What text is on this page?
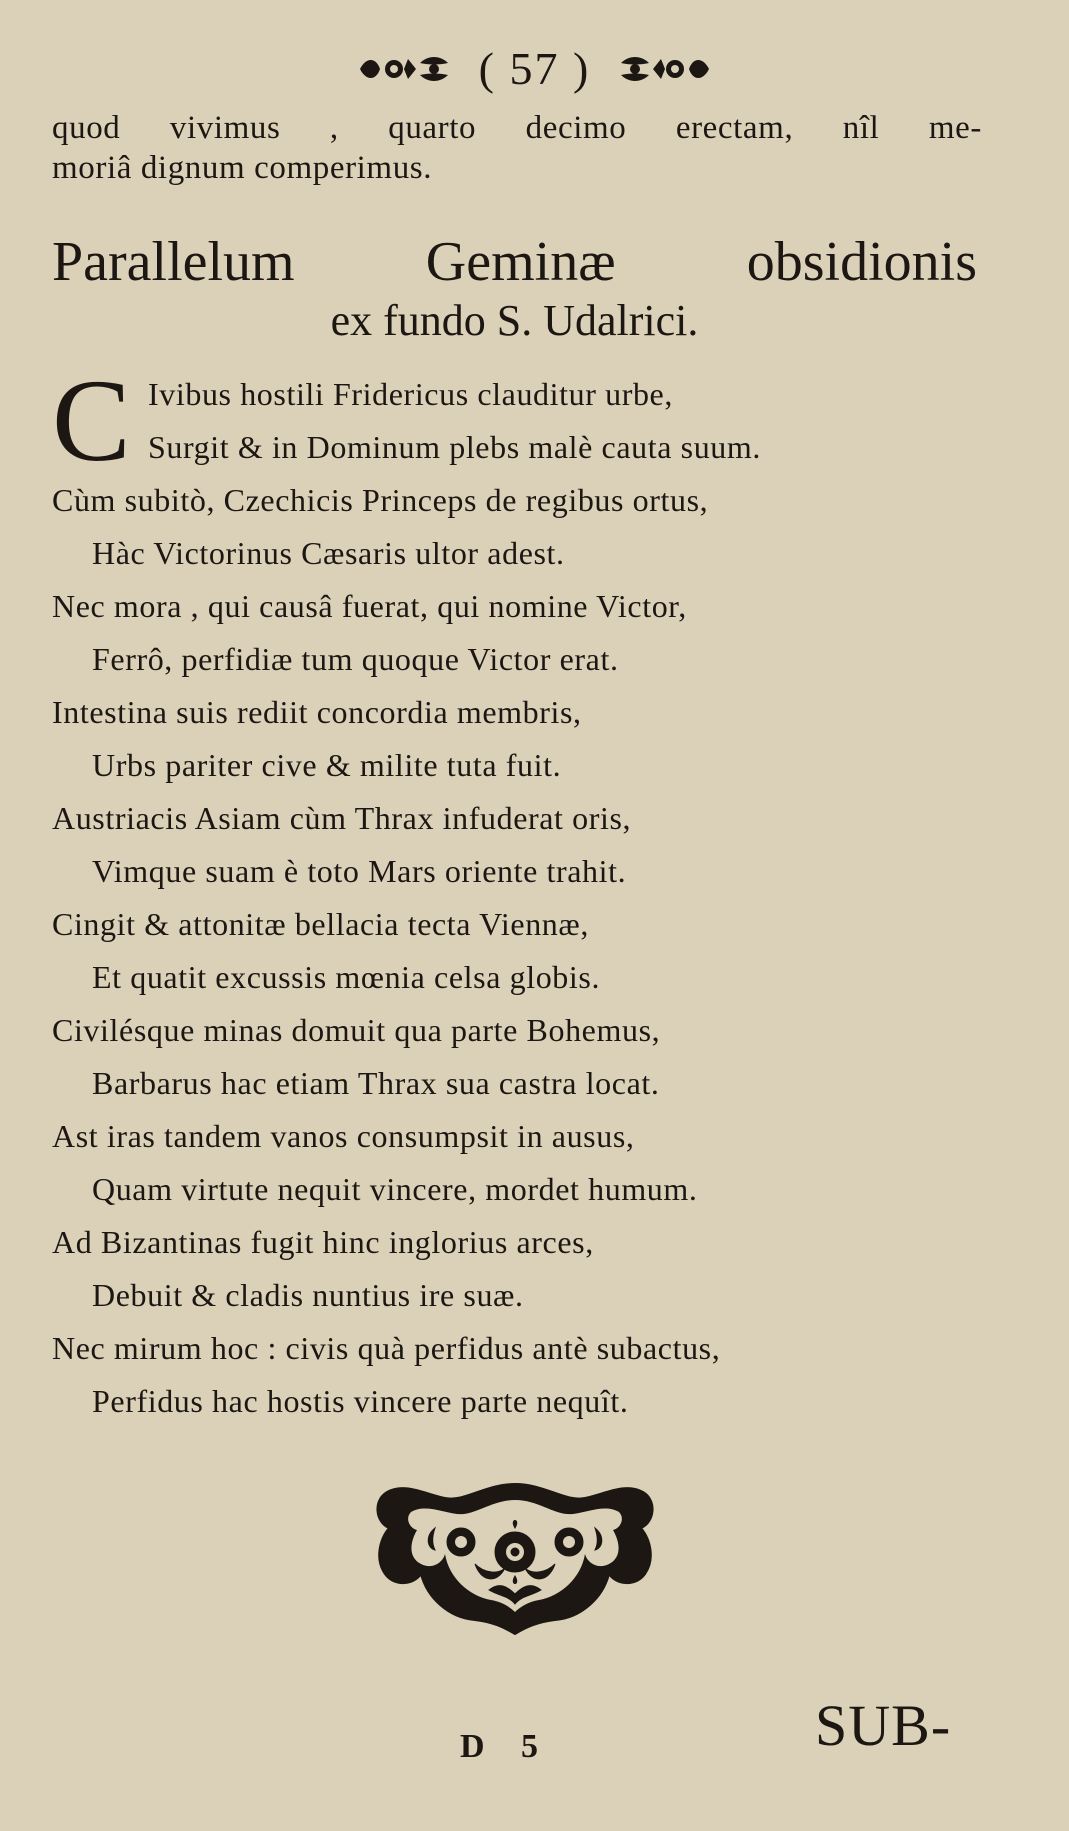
( 57 )
quod vivimus , quarto decimo erectam, nîl me-
moriâ dignum comperimus.
Parallelum Geminæ obsidionis
ex fundo S. Udalrici.
C Ivibus hostili Fridericus clauditur urbe,
Surgit & in Dominum plebs malè cauta suum.
Cùm subitò, Czechicis Princeps de regibus ortus,
Hàc Victorinus Cæsaris ultor adest.
Nec mora , qui causâ fuerat, qui nomine Victor,
Ferrô, perfidiæ tum quoque Victor erat.
Intestina suis rediit concordia membris,
Urbs pariter cive & milite tuta fuit.
Austriacis Asiam cùm Thrax infuderat oris,
Vimque suam è toto Mars oriente trahit.
Cingit & attonitæ bellacia tecta Viennæ,
Et quatit excussis mœnia celsa globis.
Civilésque minas domuit qua parte Bohemus,
Barbarus hac etiam Thrax sua castra locat.
Ast iras tandem vanos consumpsit in ausus,
Quam virtute nequit vincere, mordet humum.
Ad Bizantinas fugit hinc inglorius arces,
Debuit & cladis nuntius ire suæ.
Nec mirum hoc : civis quà perfidus antè subactus,
Perfidus hac hostis vincere parte nequît.
D 5	SUB-
